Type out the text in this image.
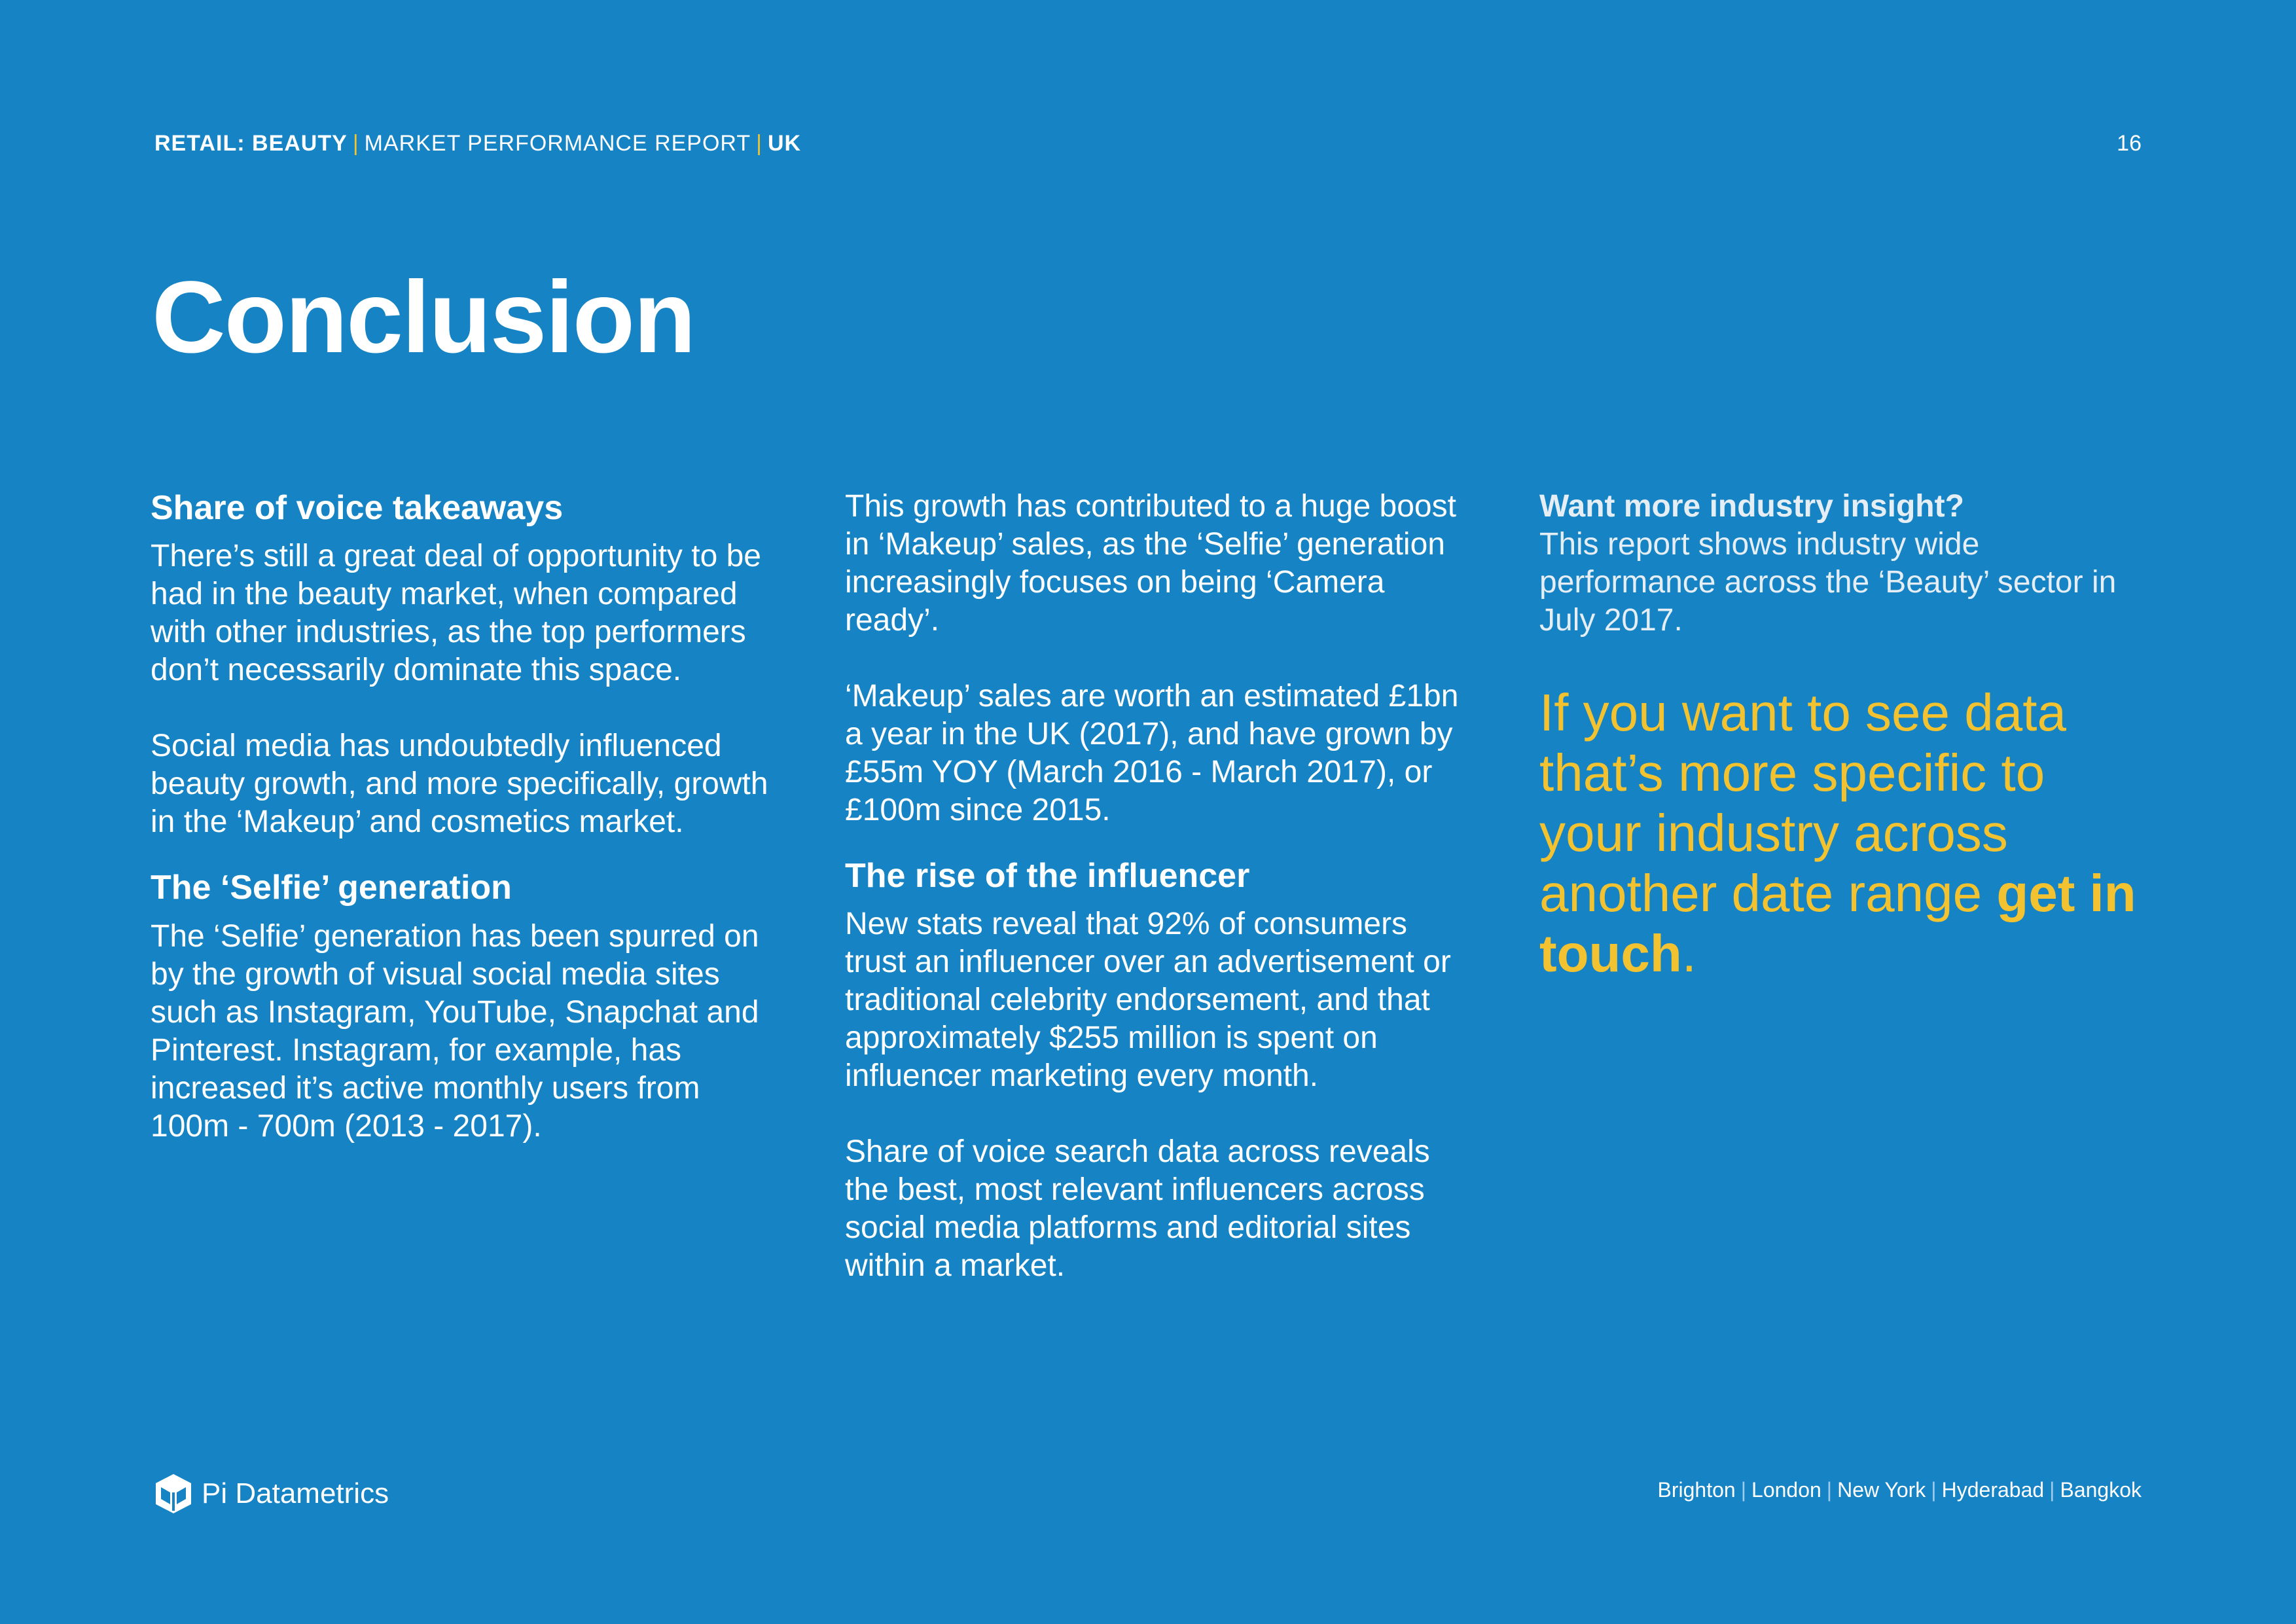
RETAIL: BEAUTY | MARKET PERFORMANCE REPORT | UK	16
Conclusion
Share of voice takeaways

There’s still a great deal of opportunity to be had in the beauty market, when compared with other industries, as the top performers don’t necessarily dominate this space.

Social media has undoubtedly influenced beauty growth, and more specifically, growth in the ‘Makeup’ and cosmetics market.

The ‘Selfie’ generation

The ‘Selfie’ generation has been spurred on by the growth of visual social media sites such as Instagram, YouTube, Snapchat and Pinterest. Instagram, for example, has increased it’s active monthly users from 100m - 700m (2013 - 2017).

This growth has contributed to a huge boost in ‘Makeup’ sales, as the ‘Selfie’ generation increasingly focuses on being ‘Camera ready’.

‘Makeup’ sales are worth an estimated £1bn a year in the UK (2017), and have grown by £55m YOY (March 2016 - March 2017), or £100m since 2015.

The rise of the influencer

New stats reveal that 92% of consumers trust an influencer over an advertisement or traditional celebrity endorsement, and that approximately $255 million is spent on influencer marketing every month.

Share of voice search data across reveals the best, most relevant influencers across social media platforms and editorial sites within a market.

Want more industry insight?

This report shows industry wide performance across the ‘Beauty’ sector in July 2017.

If you want to see data that’s more specific to your industry across another date range get in touch.
Pi Datametrics	Brighton | London | New York | Hyderabad | Bangkok
